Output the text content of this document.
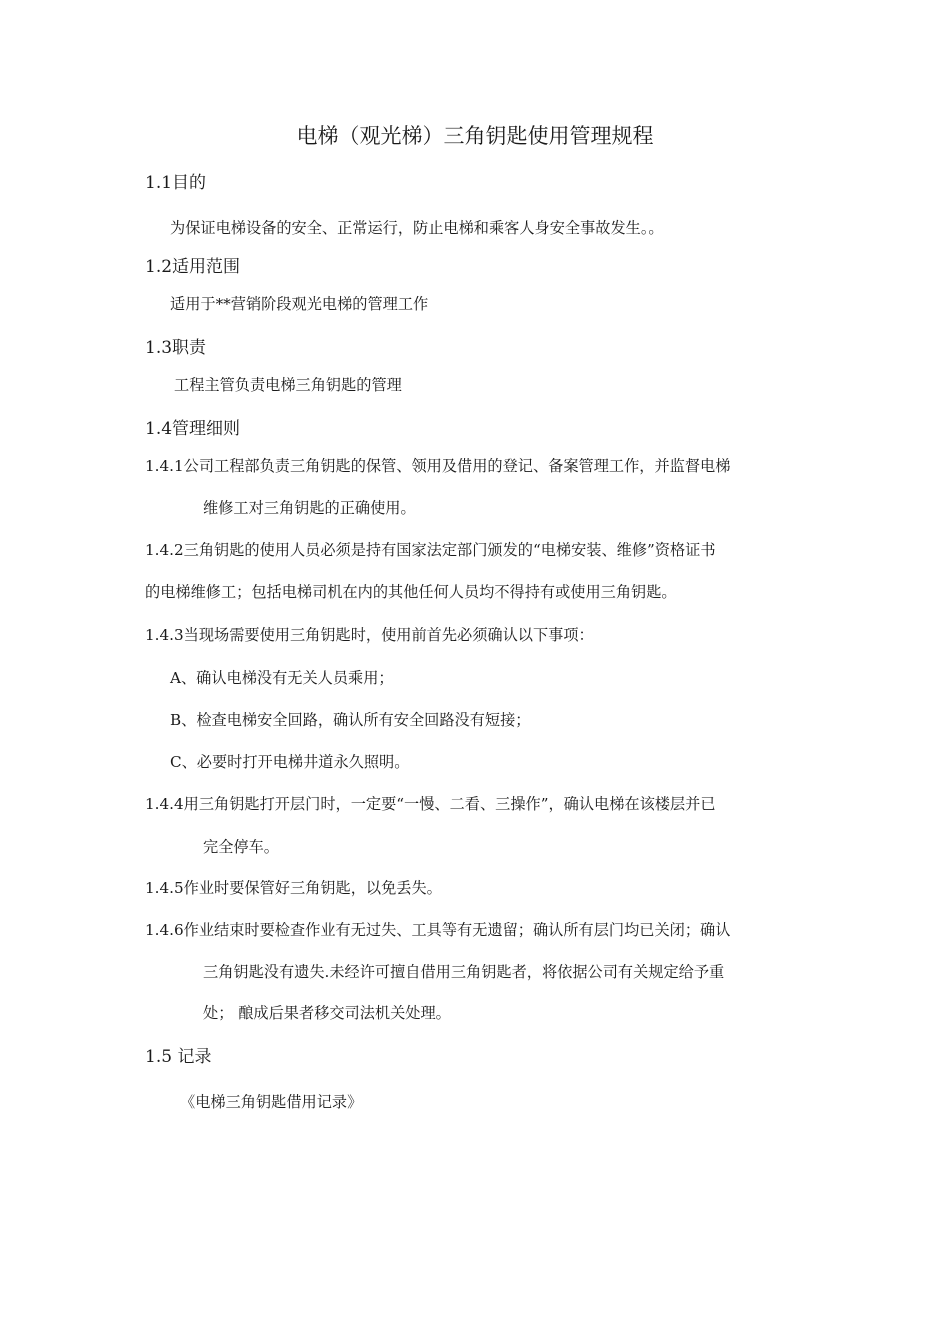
电梯（观光梯）三角钥匙使用管理规程
1.1目的
为保证电梯设备的安全、正常运行，防止电梯和乘客人身安全事故发生。。
1.2适用范围
适用于**营销阶段观光电梯的管理工作
1.3职责
工程主管负责电梯三角钥匙的管理
1.4管理细则
1.4.1公司工程部负责三角钥匙的保管、领用及借用的登记、备案管理工作，并监督电梯
维修工对三角钥匙的正确使用。
1.4.2三角钥匙的使用人员必须是持有国家法定部门颁发的“电梯安装、维修”资格证书
的电梯维修工；包括电梯司机在内的其他任何人员均不得持有或使用三角钥匙。
1.4.3当现场需要使用三角钥匙时，使用前首先必须确认以下事项：
A、确认电梯没有无关人员乘用；
B、检查电梯安全回路，确认所有安全回路没有短接；
C、必要时打开电梯井道永久照明。
1.4.4用三角钥匙打开层门时，一定要“一慢、二看、三操作”，确认电梯在该楼层并已
完全停车。
1.4.5作业时要保管好三角钥匙，以免丢失。
1.4.6作业结束时要检查作业有无过失、工具等有无遗留；确认所有层门均已关闭；确认
三角钥匙没有遗失.未经许可擅自借用三角钥匙者，将依据公司有关规定给予重
处； 酿成后果者移交司法机关处理。
1.5 记录
《电梯三角钥匙借用记录》
